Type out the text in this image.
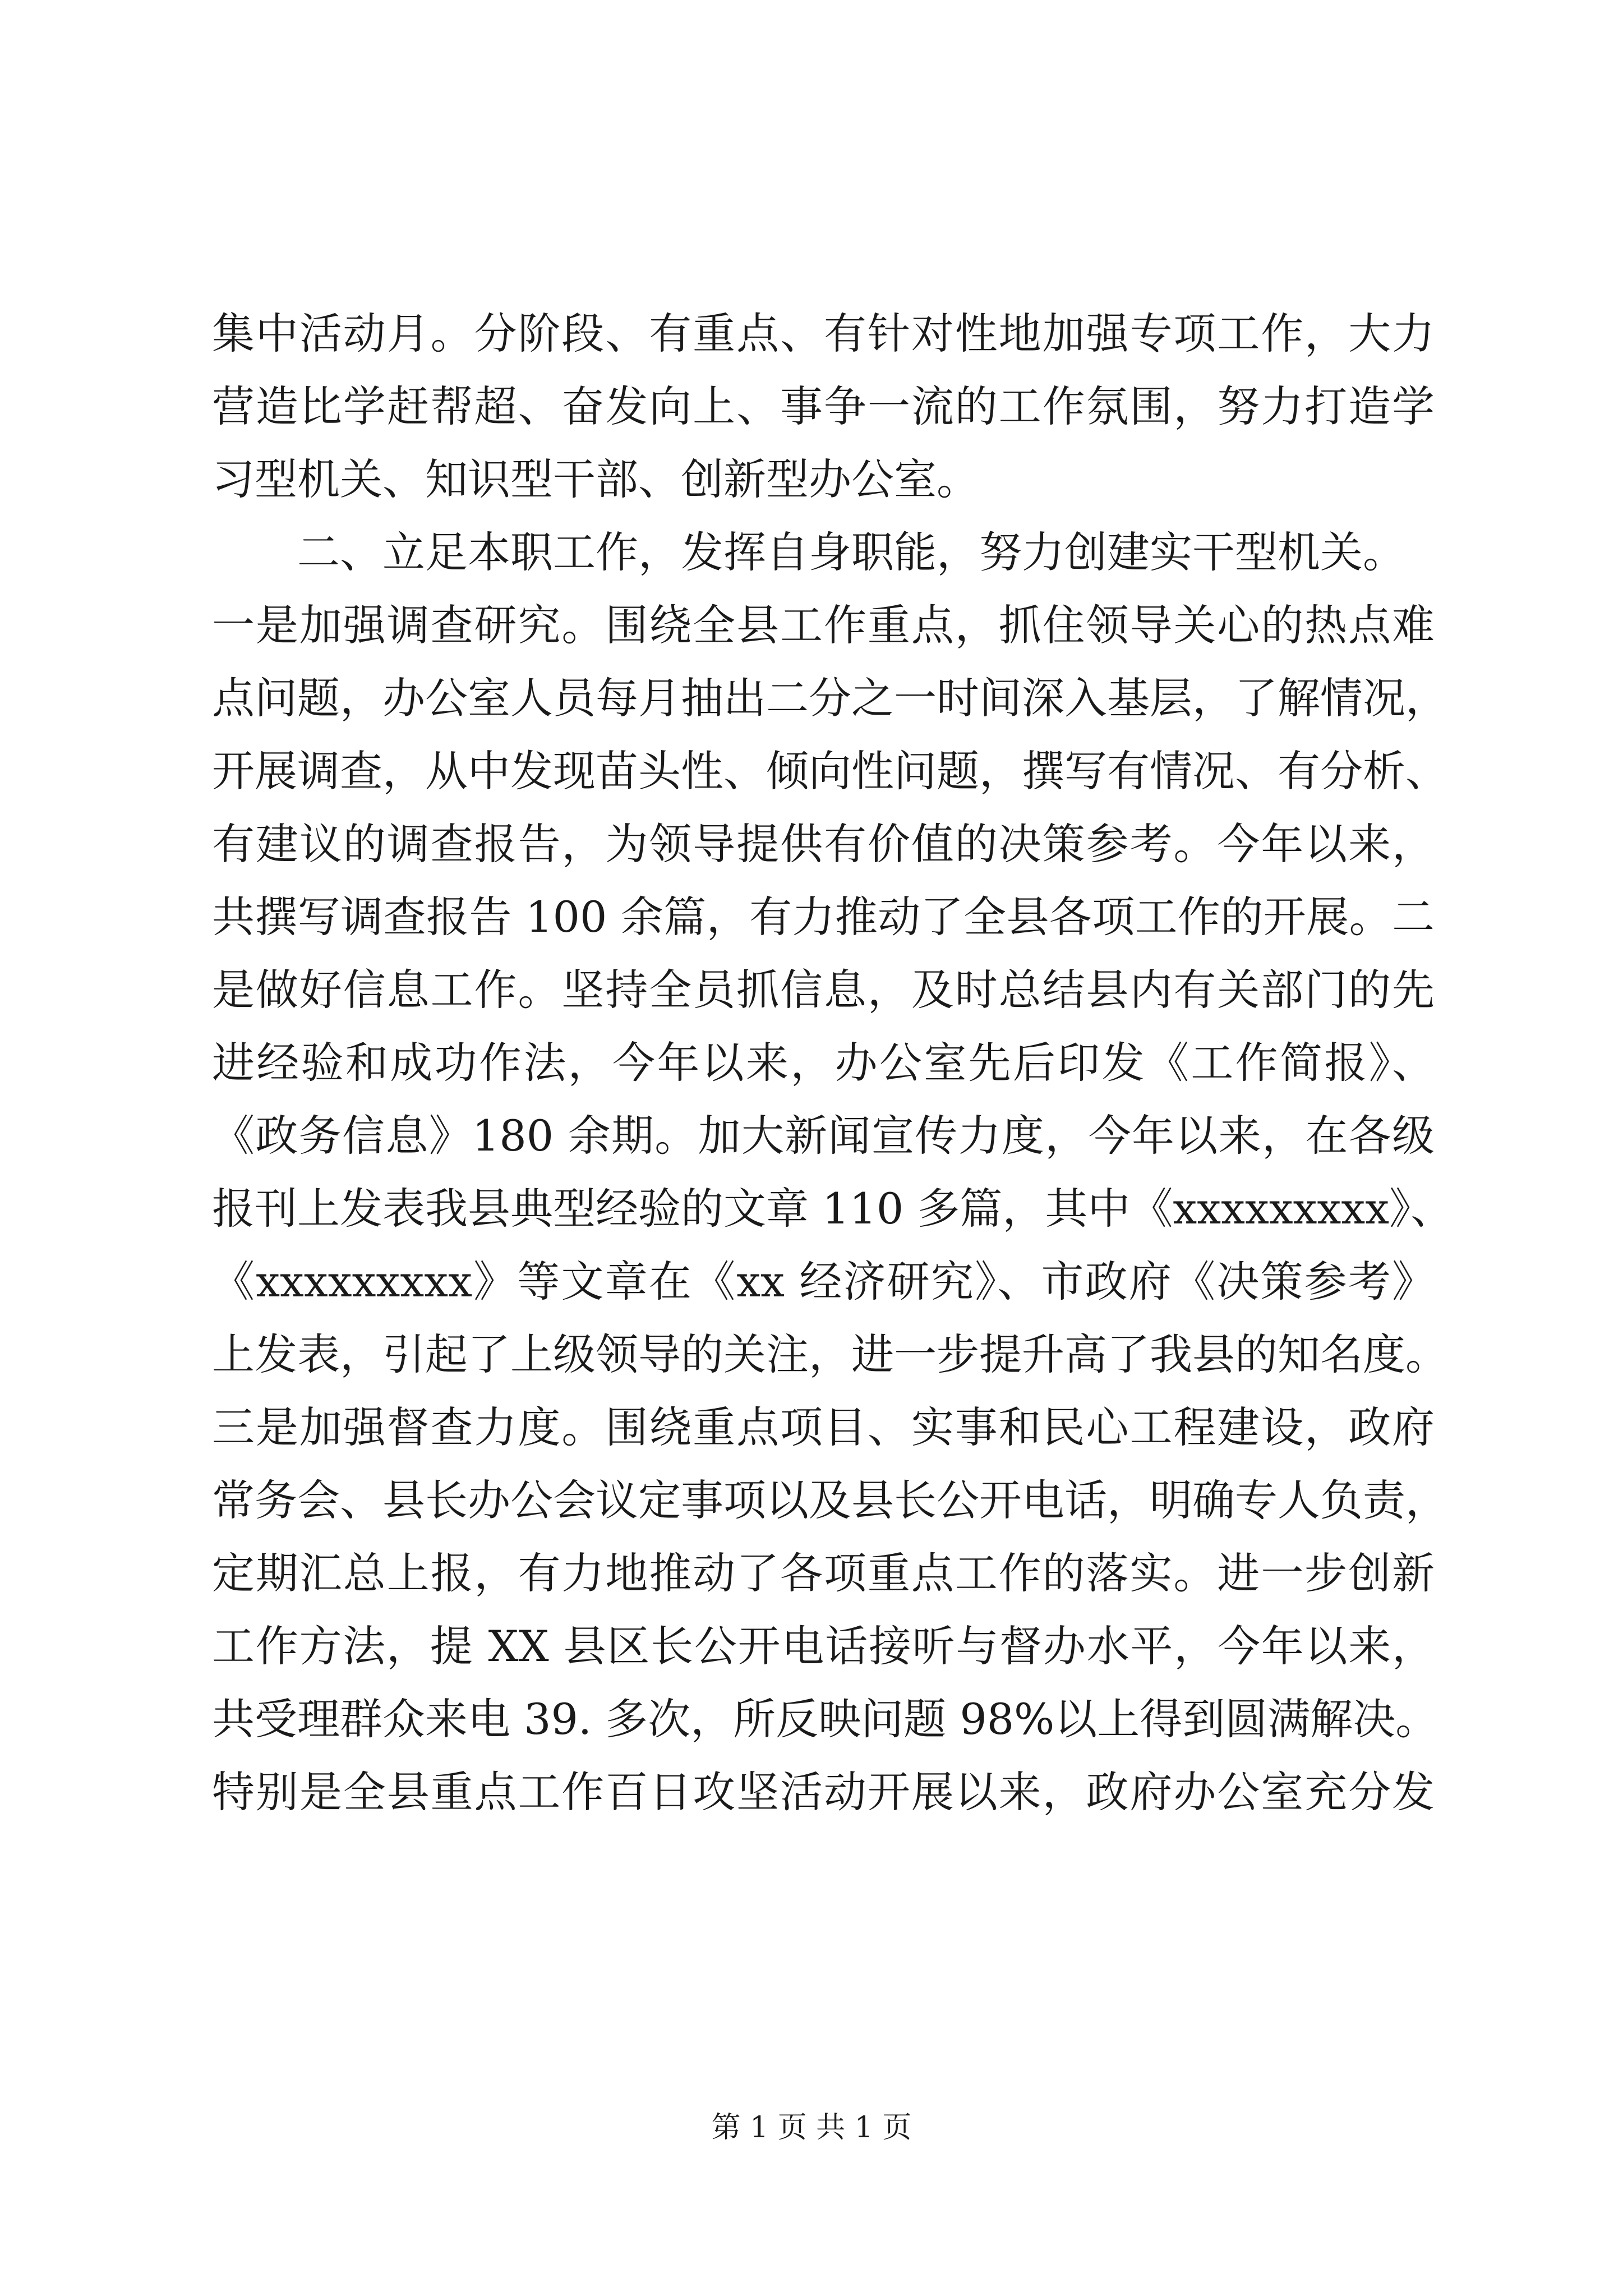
集中活动月。分阶段、有重点、有针对性地加强专项工作，大力
营造比学赶帮超、奋发向上、事争一流的工作氛围，努力打造学
习型机关、知识型干部、创新型办公室。
二、立足本职工作，发挥自身职能，努力创建实干型机关。
一是加强调查研究。围绕全县工作重点，抓住领导关心的热点难
点问题，办公室人员每月抽出二分之一时间深入基层，了解情况，
开展调查，从中发现苗头性、倾向性问题，撰写有情况、有分析、
有建议的调查报告，为领导提供有价值的决策参考。今年以来，
共撰写调查报告 100 余篇，有力推动了全县各项工作的开展。二
是做好信息工作。坚持全员抓信息，及时总结县内有关部门的先
进经验和成功作法，今年以来，办公室先后印发《工作简报》、
《政务信息》180 余期。加大新闻宣传力度，今年以来，在各级
报刊上发表我县典型经验的文章 110 多篇，其中《xxxxxxxxx》、
《xxxxxxxxx》等文章在《xx 经济研究》、市政府《决策参考》
上发表，引起了上级领导的关注，进一步提升高了我县的知名度。
三是加强督查力度。围绕重点项目、实事和民心工程建设，政府
常务会、县长办公会议定事项以及县长公开电话，明确专人负责，
定期汇总上报，有力地推动了各项重点工作的落实。进一步创新
工作方法，提 XX 县区长公开电话接听与督办水平，今年以来，
共受理群众来电 39. 多次，所反映问题 98%以上得到圆满解决。
特别是全县重点工作百日攻坚活动开展以来，政府办公室充分发
第 1 页 共 1 页
